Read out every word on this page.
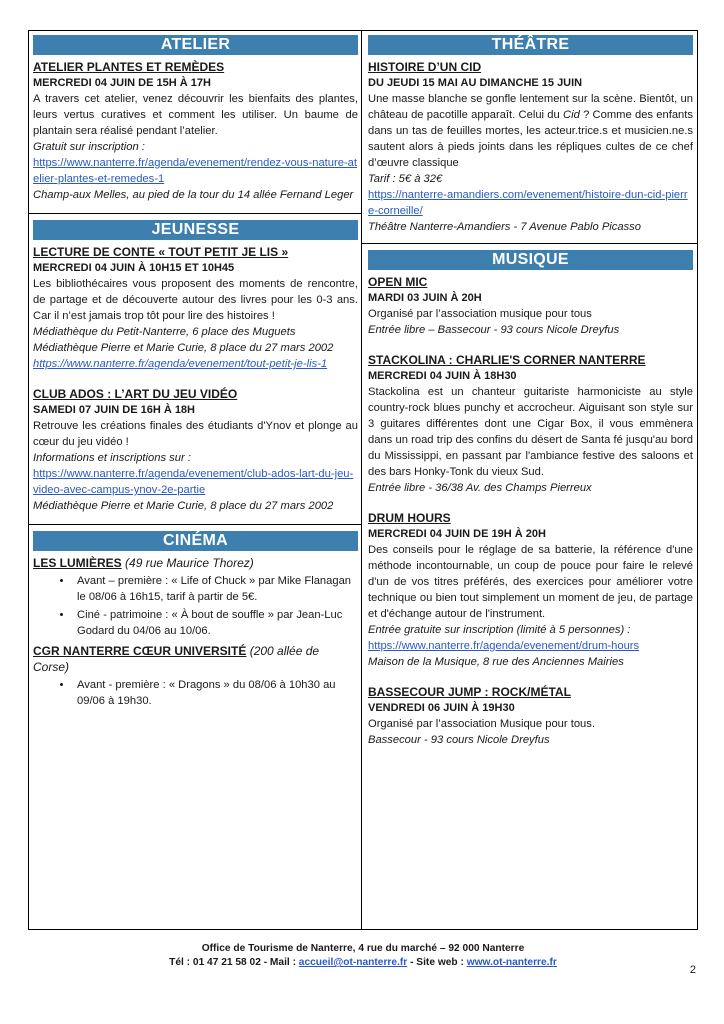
ATELIER
ATELIER PLANTES ET REMÈDES
MERCREDI 04 JUIN DE 15H À 17H
A travers cet atelier, venez découvrir les bienfaits des plantes, leurs vertus curatives et comment les utiliser. Un baume de plantain sera réalisé pendant l’atelier.
Gratuit sur inscription :
https://www.nanterre.fr/agenda/evenement/rendez-vous-nature-atelier-plantes-et-remedes-1
Champ-aux Melles, au pied de la tour du 14 allée Fernand Leger
JEUNESSE
LECTURE DE CONTE « TOUT PETIT JE LIS »
MERCREDI 04 JUIN À 10H15 ET 10H45
Les bibliothécaires vous proposent des moments de rencontre, de partage et de découverte autour des livres pour les 0-3 ans. Car il n’est jamais trop tôt pour lire des histoires !
Médiathèque du Petit-Nanterre, 6 place des Muguets
Médiathèque Pierre et Marie Curie, 8 place du 27 mars 2002
https://www.nanterre.fr/agenda/evenement/tout-petit-je-lis-1
CLUB ADOS : L’ART DU JEU VIDÉO
SAMEDI 07 JUIN DE 16H À 18H
Retrouve les créations finales des étudiants d'Ynov et plonge au cœur du jeu vidéo !
Informations et inscriptions sur :
https://www.nanterre.fr/agenda/evenement/club-ados-lart-du-jeu-video-avec-campus-ynov-2e-partie
Médiathèque Pierre et Marie Curie, 8 place du 27 mars 2002
CINÉMA
LES LUMIÈRES (49 rue Maurice Thorez)
• Avant – première : « Life of Chuck » par Mike Flanagan le 08/06 à 16h15, tarif à partir de 5€.
• Ciné - patrimoine : « À bout de souffle » par Jean-Luc Godard du 04/06 au 10/06.
CGR NANTERRE CŒUR UNIVERSITÉ (200 allée de Corse)
• Avant - première : « Dragons » du 08/06 à 10h30 au 09/06 à 19h30.
THÉÂTRE
HISTOIRE D’UN CID
DU JEUDI 15 MAI AU DIMANCHE 15 JUIN
Une masse blanche se gonfle lentement sur la scène. Bientôt, un château de pacotille apparaît. Celui du Cid ? Comme des enfants dans un tas de feuilles mortes, les acteur.trice.s et musicien.ne.s sautent alors à pieds joints dans les répliques cultes de ce chef d’œuvre classique
Tarif : 5€ à 32€
https://nanterre-amandiers.com/evenement/histoire-dun-cid-pierre-corneille/
Théâtre Nanterre-Amandiers - 7 Avenue Pablo Picasso
MUSIQUE
OPEN MIC
MARDI 03 JUIN À 20H
Organisé par l’association musique pour tous
Entrée libre – Bassecour - 93 cours Nicole Dreyfus
STACKOLINA : CHARLIE'S CORNER NANTERRE
MERCREDI 04 JUIN À 18H30
Stackolina est un chanteur guitariste harmoniciste au style country-rock blues punchy et accrocheur. Aiguisant son style sur 3 guitares différentes dont une Cigar Box, il vous emmènera dans un road trip des confins du désert de Santa fé jusqu'au bord du Mississippi, en passant par l'ambiance festive des saloons et des bars Honky-Tonk du vieux Sud.
Entrée libre - 36/38 Av. des Champs Pierreux
DRUM HOURS
MERCREDI 04 JUIN DE 19H À 20H
Des conseils pour le réglage de sa batterie, la référence d'une méthode incontournable, un coup de pouce pour faire le relevé d'un de vos titres préférés, des exercices pour améliorer votre technique ou bien tout simplement un moment de jeu, de partage et d'échange autour de l'instrument.
Entrée gratuite sur inscription (limité à 5 personnes) :
https://www.nanterre.fr/agenda/evenement/drum-hours
Maison de la Musique, 8 rue des Anciennes Mairies
BASSECOUR JUMP : ROCK/MÉTAL
VENDREDI 06 JUIN À 19H30
Organisé par l’association Musique pour tous.
Bassecour - 93 cours Nicole Dreyfus
Office de Tourisme de Nanterre, 4 rue du marché – 92 000 Nanterre
Tél : 01 47 21 58 02 - Mail : accueil@ot-nanterre.fr - Site web : www.ot-nanterre.fr
2
